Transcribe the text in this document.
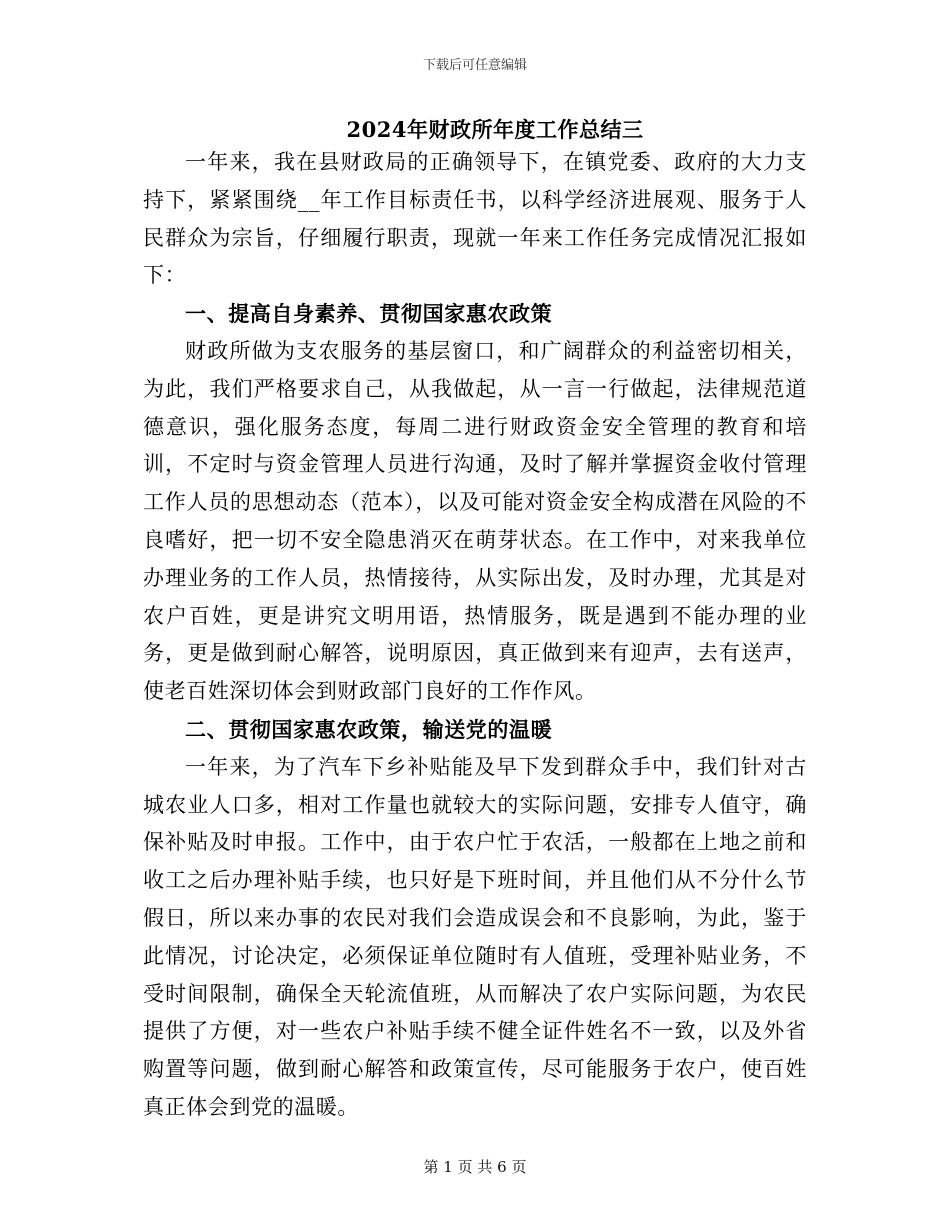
下载后可任意编辑
2024年财政所年度工作总结三

一年来，我在县财政局的正确领导下，在镇党委、政府的大力支持下，紧紧围绕__年工作目标责任书，以科学经济进展观、服务于人民群众为宗旨，仔细履行职责，现就一年来工作任务完成情况汇报如下：

一、提高自身素养、贯彻国家惠农政策

财政所做为支农服务的基层窗口，和广阔群众的利益密切相关，为此，我们严格要求自己，从我做起，从一言一行做起，法律规范道德意识，强化服务态度，每周二进行财政资金安全管理的教育和培训，不定时与资金管理人员进行沟通，及时了解并掌握资金收付管理工作人员的思想动态（范本），以及可能对资金安全构成潜在风险的不良嗜好，把一切不安全隐患消灭在萌芽状态。在工作中，对来我单位办理业务的工作人员，热情接待，从实际出发，及时办理，尤其是对农户百姓，更是讲究文明用语，热情服务，既是遇到不能办理的业务，更是做到耐心解答，说明原因，真正做到来有迎声，去有送声，使老百姓深切体会到财政部门良好的工作作风。

二、贯彻国家惠农政策，输送党的温暖

一年来，为了汽车下乡补贴能及早下发到群众手中，我们针对古城农业人口多，相对工作量也就较大的实际问题，安排专人值守，确保补贴及时申报。工作中，由于农户忙于农活，一般都在上地之前和收工之后办理补贴手续，也只好是下班时间，并且他们从不分什么节假日，所以来办事的农民对我们会造成误会和不良影响，为此，鉴于此情况，讨论决定，必须保证单位随时有人值班，受理补贴业务，不受时间限制，确保全天轮流值班，从而解决了农户实际问题，为农民提供了方便，对一些农户补贴手续不健全证件姓名不一致，以及外省购置等问题，做到耐心解答和政策宣传，尽可能服务于农户，使百姓真正体会到党的温暖。

第 1 页 共 6 页
